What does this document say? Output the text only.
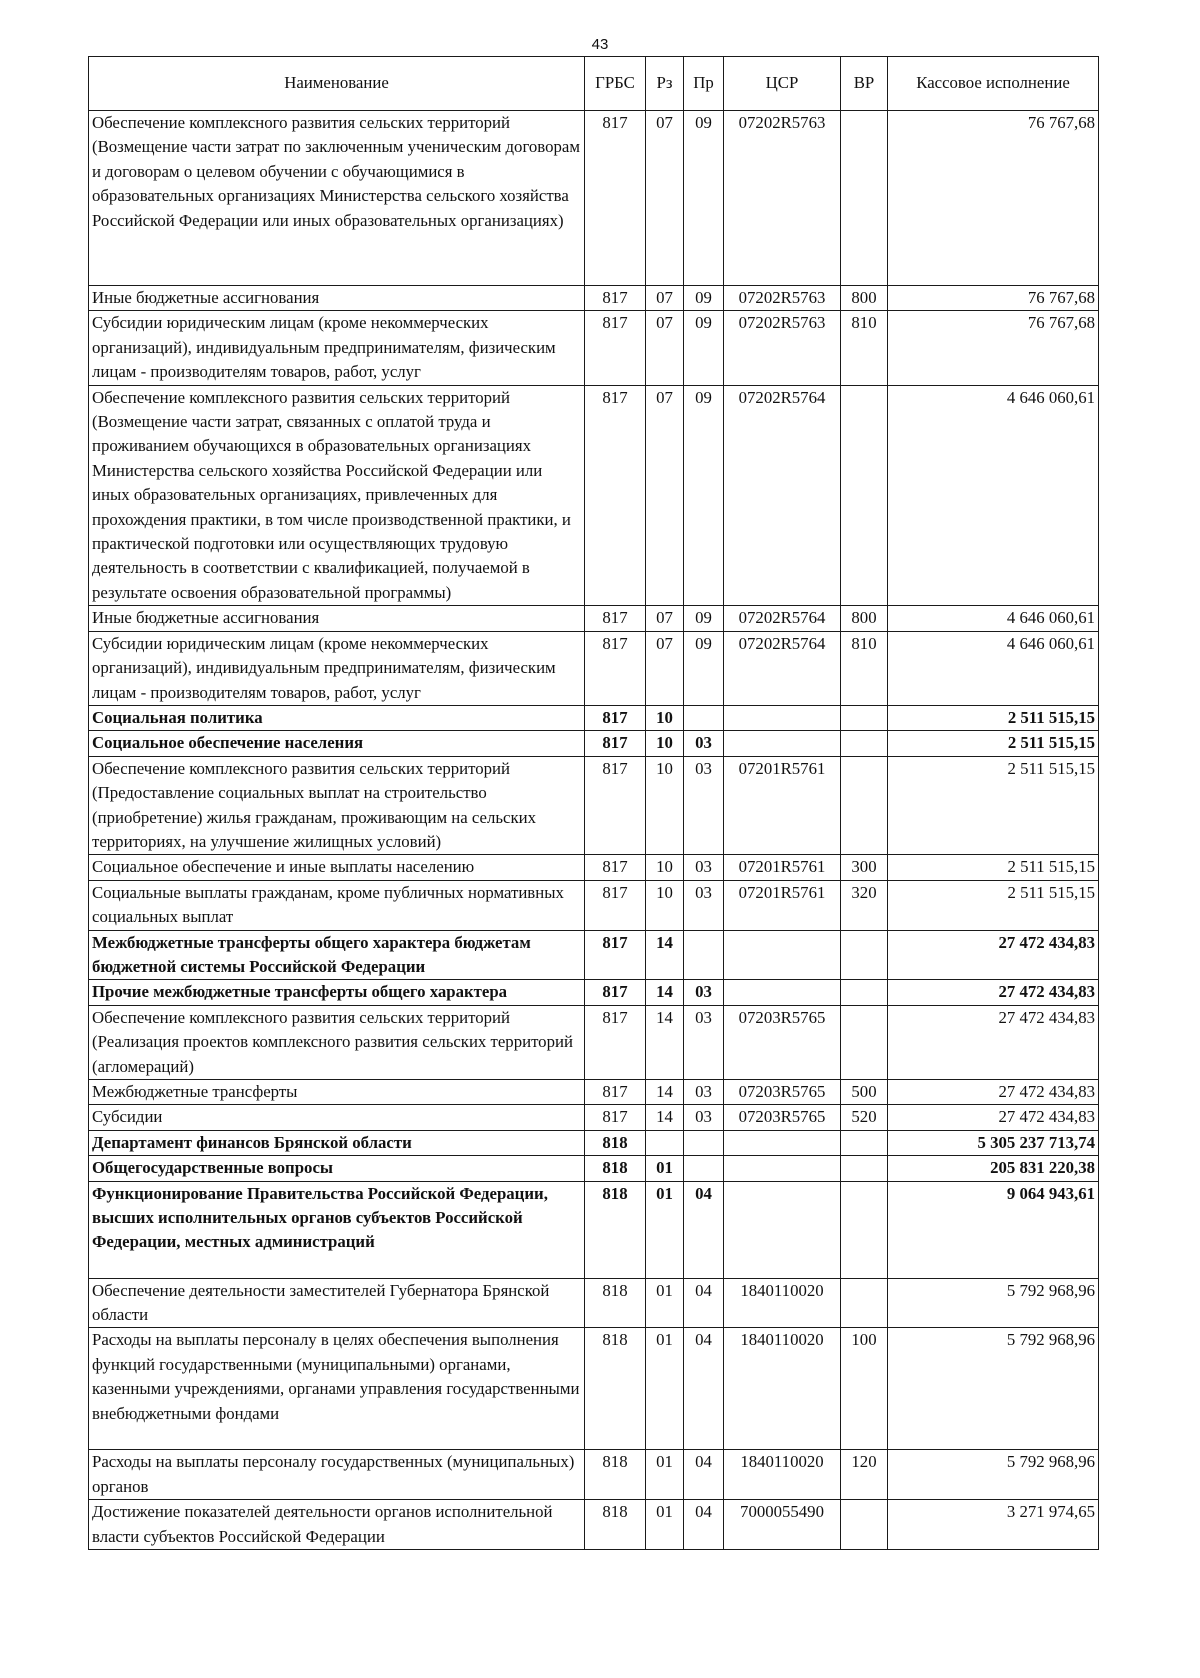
43
Наименование	ГРБС	Рз	Пр	ЦСР	ВР	Кассовое исполнение
Обеспечение комплексного развития сельских территорий (Возмещение части затрат по заключенным ученическим договорам и договорам о целевом обучении с обучающимися в образовательных организациях Министерства сельского хозяйства Российской Федерации или иных образовательных организациях)	817	07	09	07202R5763		76 767,68
Иные бюджетные ассигнования	817	07	09	07202R5763	800	76 767,68
Субсидии юридическим лицам (кроме некоммерческих организаций), индивидуальным предпринимателям, физическим лицам - производителям товаров, работ, услуг	817	07	09	07202R5763	810	76 767,68
Обеспечение комплексного развития сельских территорий (Возмещение части затрат, связанных с оплатой труда и проживанием обучающихся в образовательных организациях Министерства сельского хозяйства Российской Федерации или иных образовательных организациях, привлеченных для прохождения практики, в том числе производственной практики, и практической подготовки или осуществляющих трудовую деятельность в соответствии с квалификацией, получаемой в результате освоения образовательной программы)	817	07	09	07202R5764		4 646 060,61
Иные бюджетные ассигнования	817	07	09	07202R5764	800	4 646 060,61
Субсидии юридическим лицам (кроме некоммерческих организаций), индивидуальным предпринимателям, физическим лицам - производителям товаров, работ, услуг	817	07	09	07202R5764	810	4 646 060,61
Социальная политика	817	10				2 511 515,15
Социальное обеспечение населения	817	10	03			2 511 515,15
Обеспечение комплексного развития сельских территорий (Предоставление социальных выплат на строительство (приобретение) жилья гражданам, проживающим на сельских территориях, на улучшение жилищных условий)	817	10	03	07201R5761		2 511 515,15
Социальное обеспечение и иные выплаты населению	817	10	03	07201R5761	300	2 511 515,15
Социальные выплаты гражданам, кроме публичных нормативных социальных выплат	817	10	03	07201R5761	320	2 511 515,15
Межбюджетные трансферты общего характера бюджетам бюджетной системы Российской Федерации	817	14				27 472 434,83
Прочие межбюджетные трансферты общего характера	817	14	03			27 472 434,83
Обеспечение комплексного развития сельских территорий (Реализация проектов комплексного развития сельских территорий (агломераций)	817	14	03	07203R5765		27 472 434,83
Межбюджетные трансферты	817	14	03	07203R5765	500	27 472 434,83
Субсидии	817	14	03	07203R5765	520	27 472 434,83
Департамент финансов Брянской области	818					5 305 237 713,74
Общегосударственные вопросы	818	01				205 831 220,38
Функционирование Правительства Российской Федерации, высших исполнительных органов субъектов Российской Федерации, местных администраций	818	01	04			9 064 943,61
Обеспечение деятельности заместителей Губернатора Брянской области	818	01	04	1840110020		5 792 968,96
Расходы на выплаты персоналу в целях обеспечения выполнения функций государственными (муниципальными) органами, казенными учреждениями, органами управления государственными внебюджетными фондами	818	01	04	1840110020	100	5 792 968,96
Расходы на выплаты персоналу государственных (муниципальных) органов	818	01	04	1840110020	120	5 792 968,96
Достижение показателей деятельности органов исполнительной власти субъектов Российской Федерации	818	01	04	7000055490		3 271 974,65
